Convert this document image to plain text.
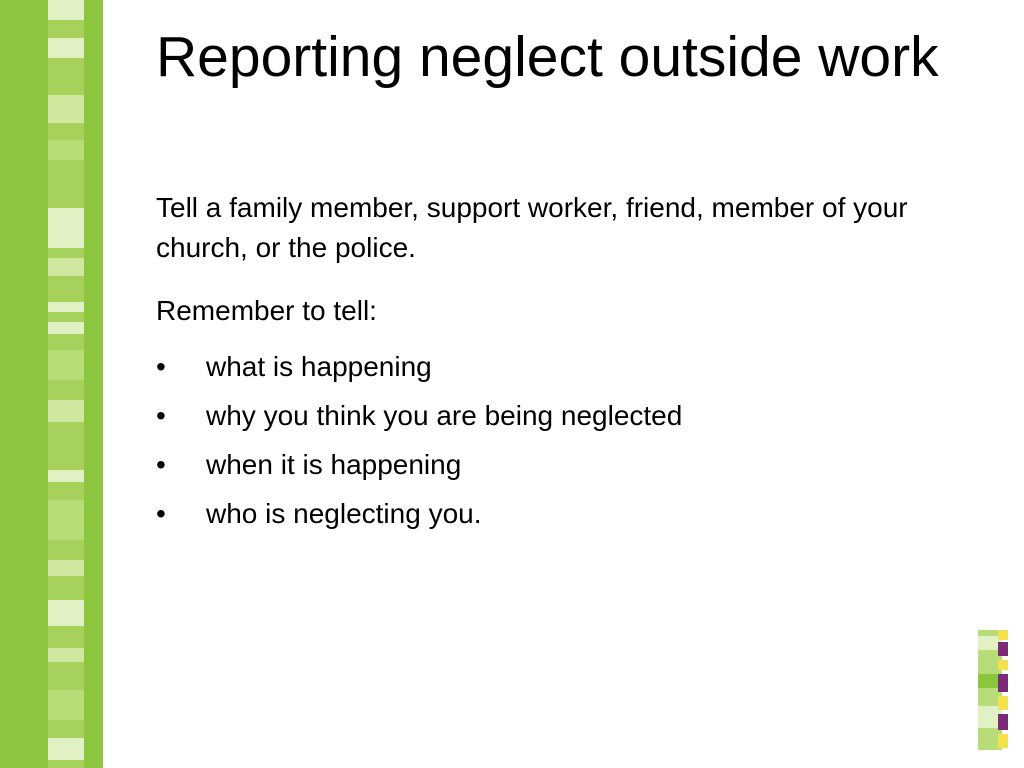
Reporting neglect outside work

Tell a family member, support worker, friend, member of your church, or the police.

Remember to tell:

• what is happening
• why you think you are being neglected
• when it is happening
• who is neglecting you.
